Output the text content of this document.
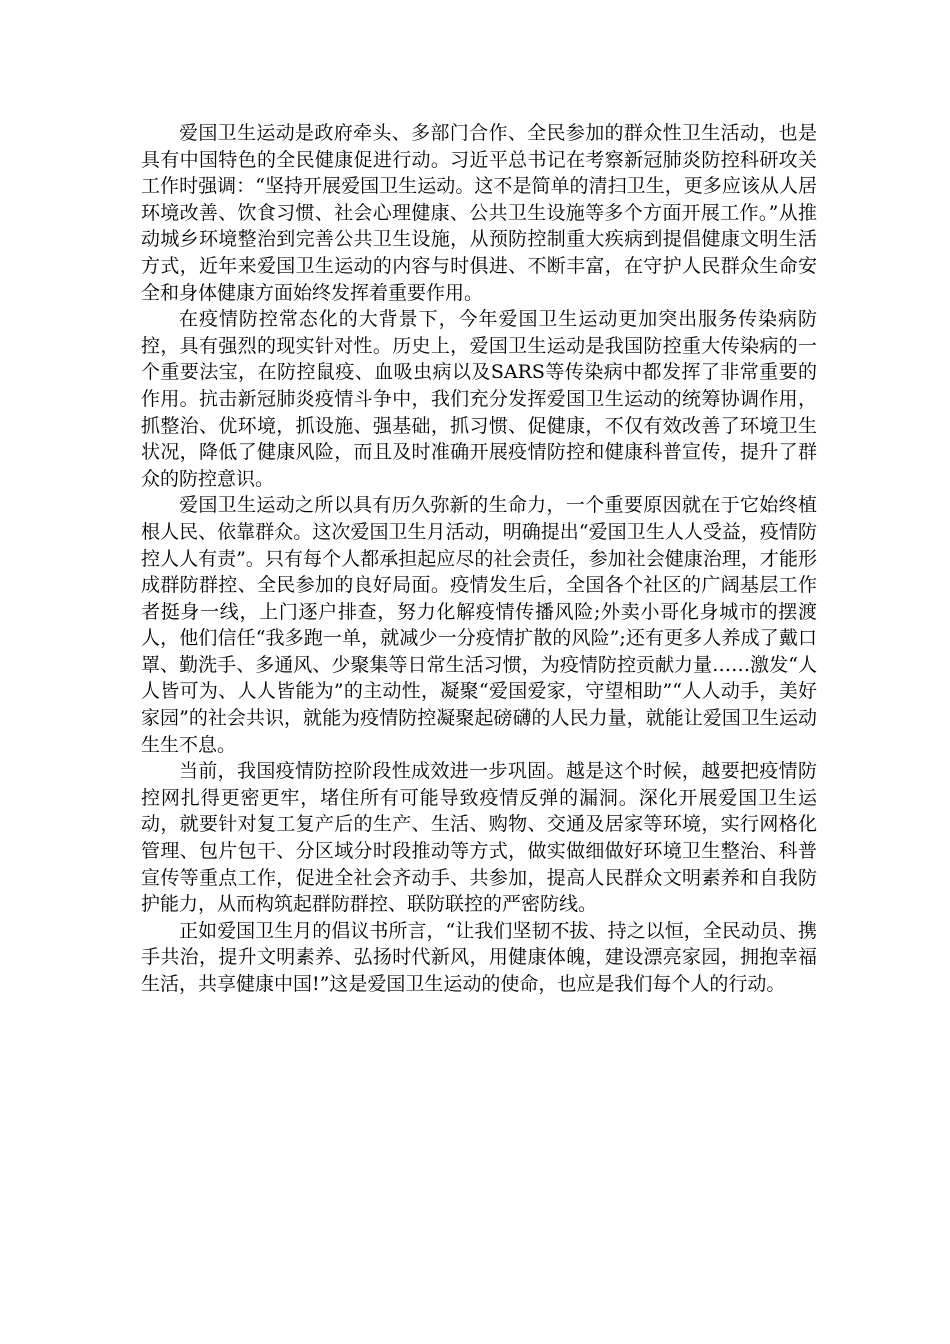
爱国卫生运动是政府牵头、多部门合作、全民参加的群众性卫生活动，也是具有中国特色的全民健康促进行动。习近平总书记在考察新冠肺炎防控科研攻关工作时强调：“坚持开展爱国卫生运动。这不是简单的清扫卫生，更多应该从人居环境改善、饮食习惯、社会心理健康、公共卫生设施等多个方面开展工作。”从推动城乡环境整治到完善公共卫生设施，从预防控制重大疾病到提倡健康文明生活方式，近年来爱国卫生运动的内容与时俱进、不断丰富，在守护人民群众生命安全和身体健康方面始终发挥着重要作用。

在疫情防控常态化的大背景下，今年爱国卫生运动更加突出服务传染病防控，具有强烈的现实针对性。历史上，爱国卫生运动是我国防控重大传染病的一个重要法宝，在防控鼠疫、血吸虫病以及SARS等传染病中都发挥了非常重要的作用。抗击新冠肺炎疫情斗争中，我们充分发挥爱国卫生运动的统筹协调作用，抓整治、优环境，抓设施、强基础，抓习惯、促健康，不仅有效改善了环境卫生状况，降低了健康风险，而且及时准确开展疫情防控和健康科普宣传，提升了群众的防控意识。

爱国卫生运动之所以具有历久弥新的生命力，一个重要原因就在于它始终植根人民、依靠群众。这次爱国卫生月活动，明确提出“爱国卫生人人受益，疫情防控人人有责”。只有每个人都承担起应尽的社会责任，参加社会健康治理，才能形成群防群控、全民参加的良好局面。疫情发生后，全国各个社区的广阔基层工作者挺身一线，上门逐户排查，努力化解疫情传播风险;外卖小哥化身城市的摆渡人，他们信任“我多跑一单，就减少一分疫情扩散的风险”;还有更多人养成了戴口罩、勤洗手、多通风、少聚集等日常生活习惯，为疫情防控贡献力量……激发“人人皆可为、人人皆能为”的主动性，凝聚“爱国爱家，守望相助”“人人动手，美好家园”的社会共识，就能为疫情防控凝聚起磅礴的人民力量，就能让爱国卫生运动生生不息。

当前，我国疫情防控阶段性成效进一步巩固。越是这个时候，越要把疫情防控网扎得更密更牢，堵住所有可能导致疫情反弹的漏洞。深化开展爱国卫生运动，就要针对复工复产后的生产、生活、购物、交通及居家等环境，实行网格化管理、包片包干、分区域分时段推动等方式，做实做细做好环境卫生整治、科普宣传等重点工作，促进全社会齐动手、共参加，提高人民群众文明素养和自我防护能力，从而构筑起群防群控、联防联控的严密防线。

正如爱国卫生月的倡议书所言，“让我们坚韧不拔、持之以恒，全民动员、携手共治，提升文明素养、弘扬时代新风，用健康体魄，建设漂亮家园，拥抱幸福生活，共享健康中国!”这是爱国卫生运动的使命，也应是我们每个人的行动。
